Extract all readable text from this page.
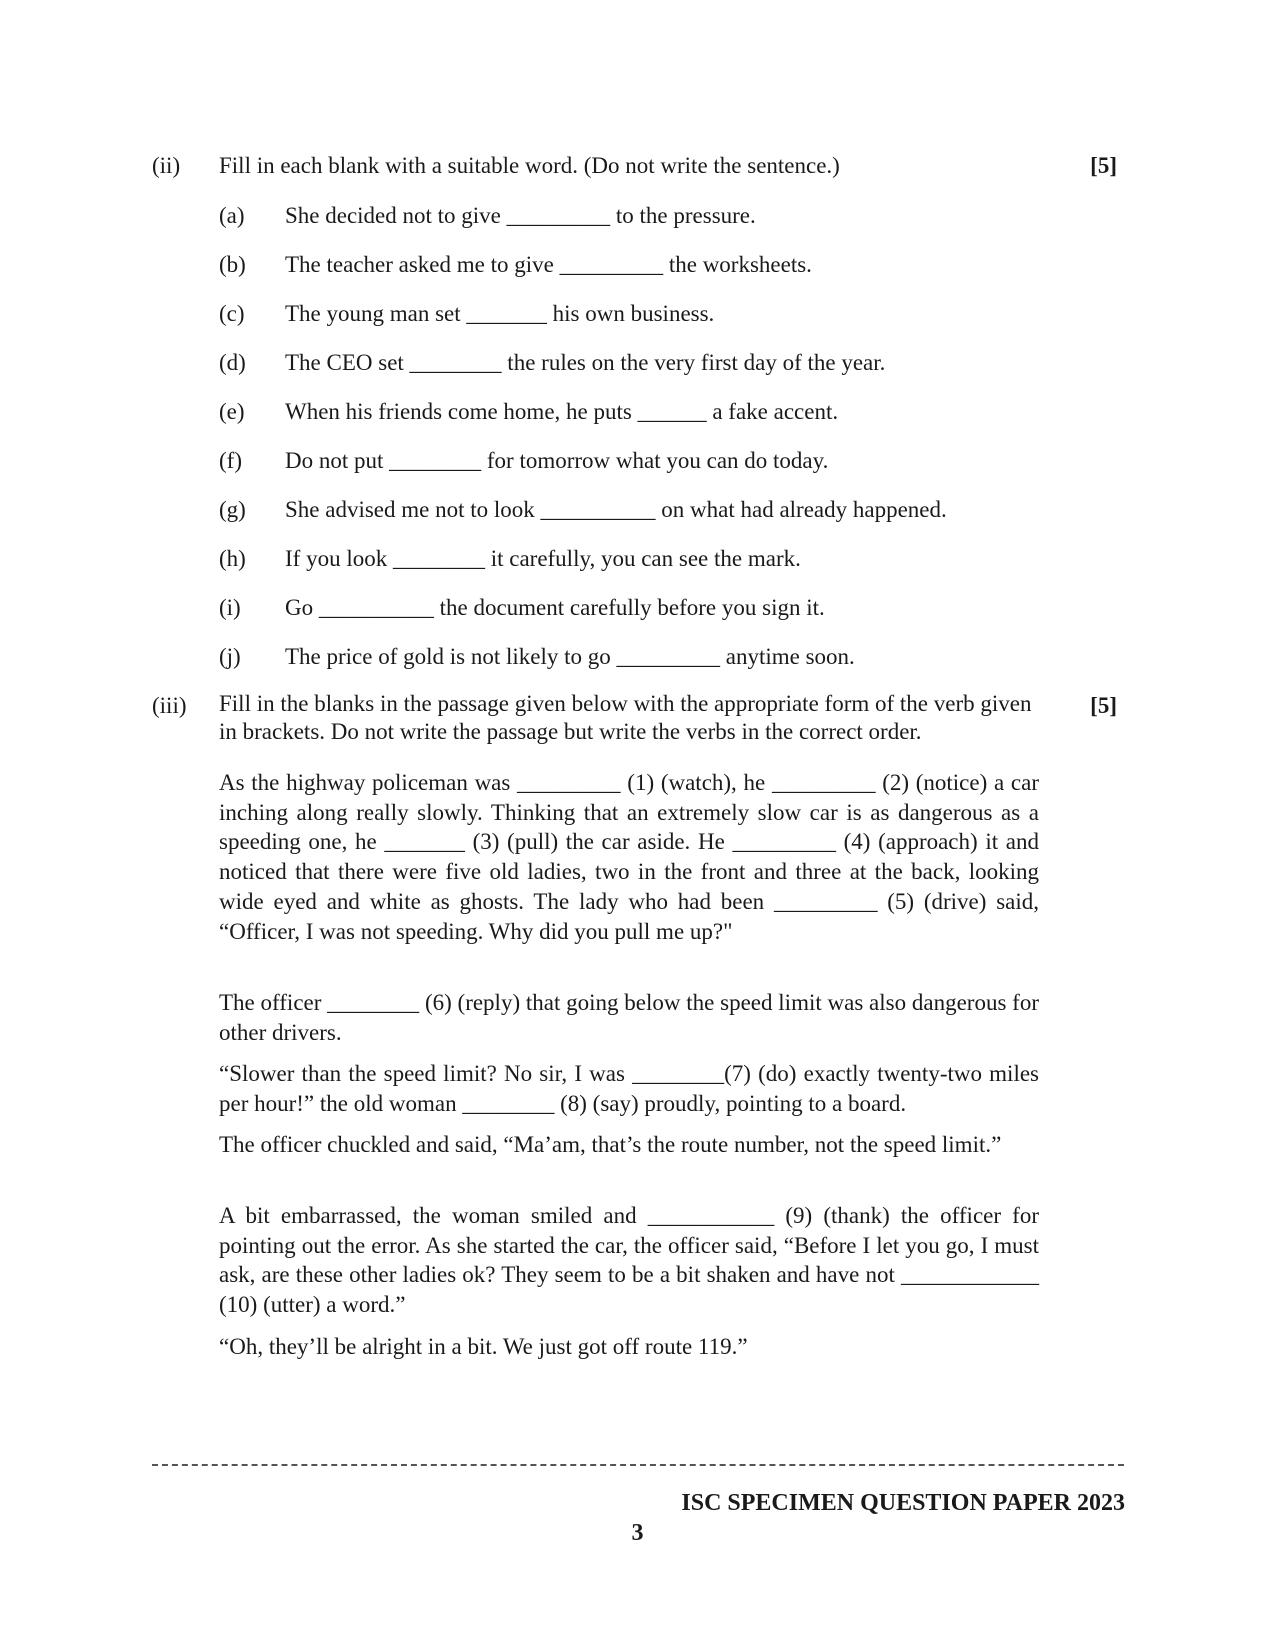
(ii) Fill in each blank with a suitable word. (Do not write the sentence.)	[5]
(a) She decided not to give _________ to the pressure.
(b) The teacher asked me to give _________ the worksheets.
(c) The young man set _______ his own business.
(d) The CEO set ________ the rules on the very first day of the year.
(e) When his friends come home, he puts ______ a fake accent.
(f) Do not put ________ for tomorrow what you can do today.
(g) She advised me not to look __________ on what had already happened.
(h) If you look ________ it carefully, you can see the mark.
(i) Go __________ the document carefully before you sign it.
(j) The price of gold is not likely to go _________ anytime soon.
(iii) Fill in the blanks in the passage given below with the appropriate form of the verb given in brackets. Do not write the passage but write the verbs in the correct order.
[5]
As the highway policeman was _________ (1) (watch), he _________ (2) (notice) a car inching along really slowly. Thinking that an extremely slow car is as dangerous as a speeding one, he _______ (3) (pull) the car aside. He _________ (4) (approach) it and noticed that there were five old ladies, two in the front and three at the back, looking wide eyed and white as ghosts. The lady who had been _________ (5) (drive) said, “Officer, I was not speeding. Why did you pull me up?"
The officer ________ (6) (reply) that going below the speed limit was also dangerous for other drivers.
“Slower than the speed limit? No sir, I was ________(7) (do) exactly twenty-two miles per hour!” the old woman ________ (8) (say) proudly, pointing to a board.
The officer chuckled and said, “Ma’am, that’s the route number, not the speed limit.”
A bit embarrassed, the woman smiled and ___________ (9) (thank) the officer for pointing out the error. As she started the car, the officer said, “Before I let you go, I must ask, are these other ladies ok? They seem to be a bit shaken and have not ____________ (10) (utter) a word.”
“Oh, they’ll be alright in a bit. We just got off route 119.”
ISC SPECIMEN QUESTION PAPER 2023
3
